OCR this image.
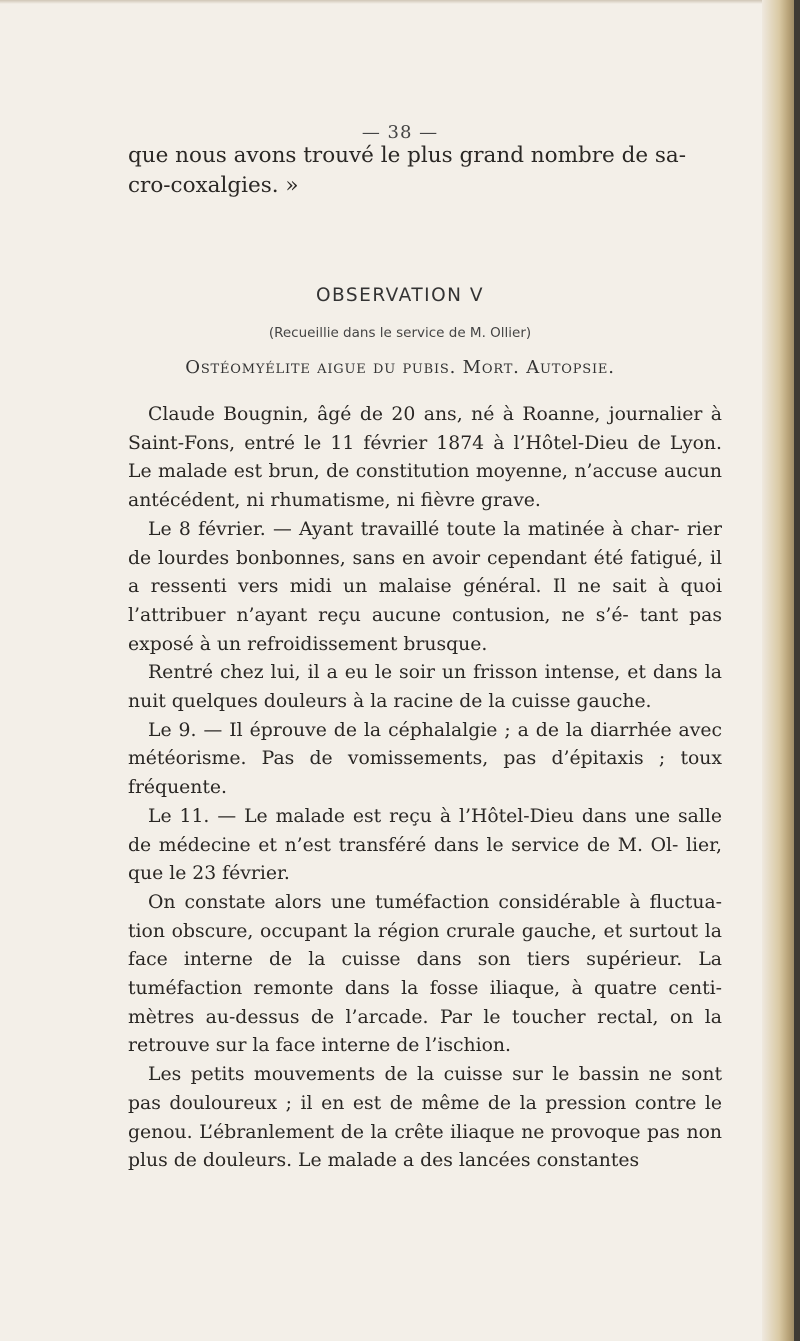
— 38 —

que nous avons trouvé le plus grand nombre de sa- cro-coxalgies. »

OBSERVATION V
(Recueillie dans le service de M. Ollier)
Ostéomyélite aigue du pubis. Mort. Autopsie.

Claude Bougnin, âgé de 20 ans, né à Roanne, journalier à Saint-Fons, entré le 11 février 1874 à l’Hôtel-Dieu de Lyon. Le malade est brun, de constitution moyenne, n’accuse aucun antécédent, ni rhumatisme, ni fièvre grave.

Le 8 février. — Ayant travaillé toute la matinée à char- rier de lourdes bonbonnes, sans en avoir cependant été fatigué, il a ressenti vers midi un malaise général. Il ne sait à quoi l’attribuer n’ayant reçu aucune contusion, ne s’é- tant pas exposé à un refroidissement brusque.

Rentré chez lui, il a eu le soir un frisson intense, et dans la nuit quelques douleurs à la racine de la cuisse gauche.

Le 9. — Il éprouve de la céphalalgie ; a de la diarrhée avec météorisme. Pas de vomissements, pas d’épitaxis ; toux fréquente.

Le 11. — Le malade est reçu à l’Hôtel-Dieu dans une salle de médecine et n’est transféré dans le service de M. Ol- lier, que le 23 février.

On constate alors une tuméfaction considérable à fluctua- tion obscure, occupant la région crurale gauche, et surtout la face interne de la cuisse dans son tiers supérieur. La tuméfaction remonte dans la fosse iliaque, à quatre centi- mètres au-dessus de l’arcade. Par le toucher rectal, on la retrouve sur la face interne de l’ischion.

Les petits mouvements de la cuisse sur le bassin ne sont pas douloureux ; il en est de même de la pression contre le genou. L’ébranlement de la crête iliaque ne provoque pas non plus de douleurs. Le malade a des lancées constantes
